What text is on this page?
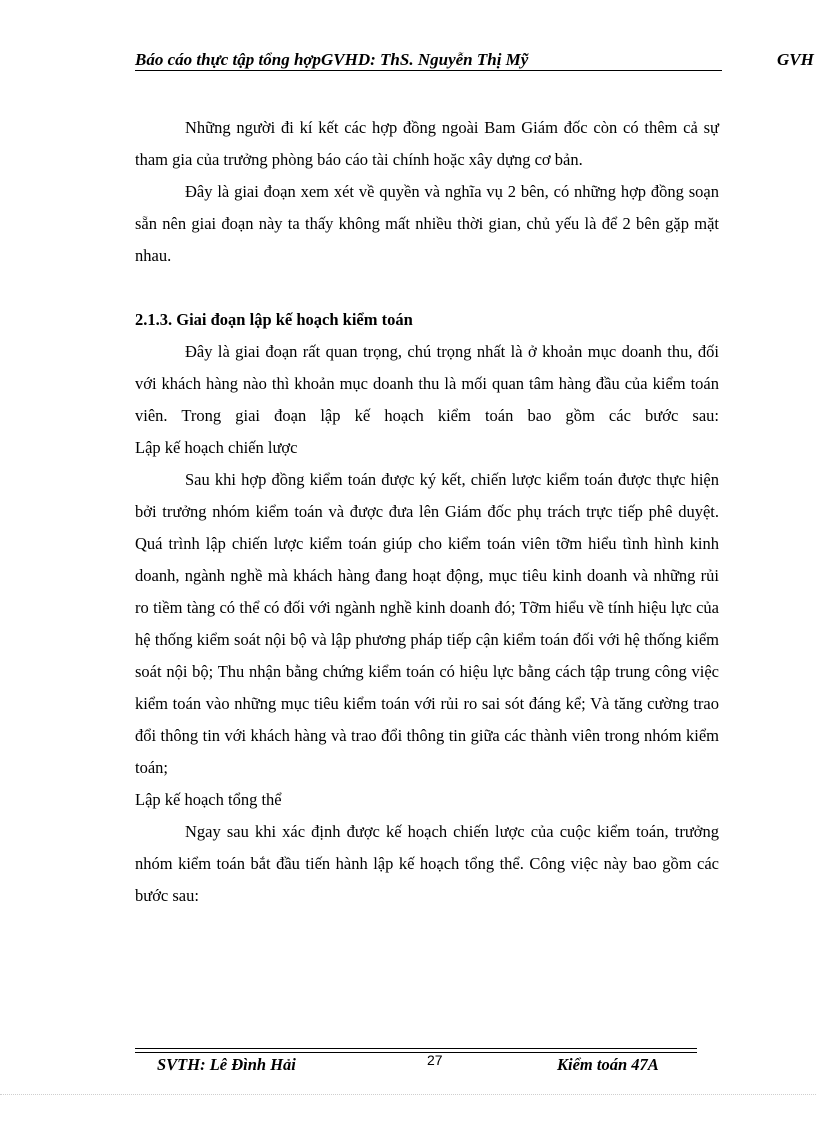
Báo cáo thực tập tổng hợpGVHD: ThS. Nguyễn Thị Mỹ	GVH

Những người đi kí kết các hợp đồng ngoài Bam Giám đốc còn có thêm cả sự tham gia của trưởng phòng báo cáo tài chính hoặc xây dựng cơ bản.

Đây là giai đoạn xem xét về quyền và nghĩa vụ 2 bên, có những hợp đồng soạn sẵn nên giai đoạn này ta thấy không mất nhiều thời gian, chủ yếu là để 2 bên gặp mặt nhau.

2.1.3. Giai đoạn lập kế hoạch kiểm toán

Đây là giai đoạn rất quan trọng, chú trọng nhất là ở khoản mục doanh thu, đối với khách hàng nào thì khoản mục doanh thu là mối quan tâm hàng đầu của kiểm toán viên. Trong giai đoạn lập kế hoạch kiểm toán bao gồm các bước sau:

Lập kế hoạch chiến lược

Sau khi hợp đồng kiểm toán được ký kết, chiến lược kiểm toán được thực hiện bởi trưởng nhóm kiểm toán và được đưa lên Giám đốc phụ trách trực tiếp phê duyệt. Quá trình lập chiến lược kiểm toán giúp cho kiểm toán viên tỡm hiểu tình hình kinh doanh, ngành nghề mà khách hàng đang hoạt động, mục tiêu kinh doanh và những rủi ro tiềm tàng có thể có đối với ngành nghề kinh doanh đó; Tỡm hiểu về tính hiệu lực của hệ thống kiểm soát nội bộ và lập phương pháp tiếp cận kiểm toán đối với hệ thống kiểm soát nội bộ; Thu nhận bằng chứng kiểm toán có hiệu lực bằng cách tập trung công việc kiểm toán vào những mục tiêu kiểm toán với rủi ro sai sót đáng kể; Và tăng cường trao đổi thông tin với khách hàng và trao đổi thông tin giữa các thành viên trong nhóm kiểm toán;

Lập kế hoạch tổng thể

Ngay sau khi xác định được kế hoạch chiến lược của cuộc kiểm toán, trưởng nhóm kiểm toán bắt đầu tiến hành lập kế hoạch tổng thể. Công việc này bao gồm các bước sau:

SVTH: Lê Đình Hải	27	Kiểm toán 47A
